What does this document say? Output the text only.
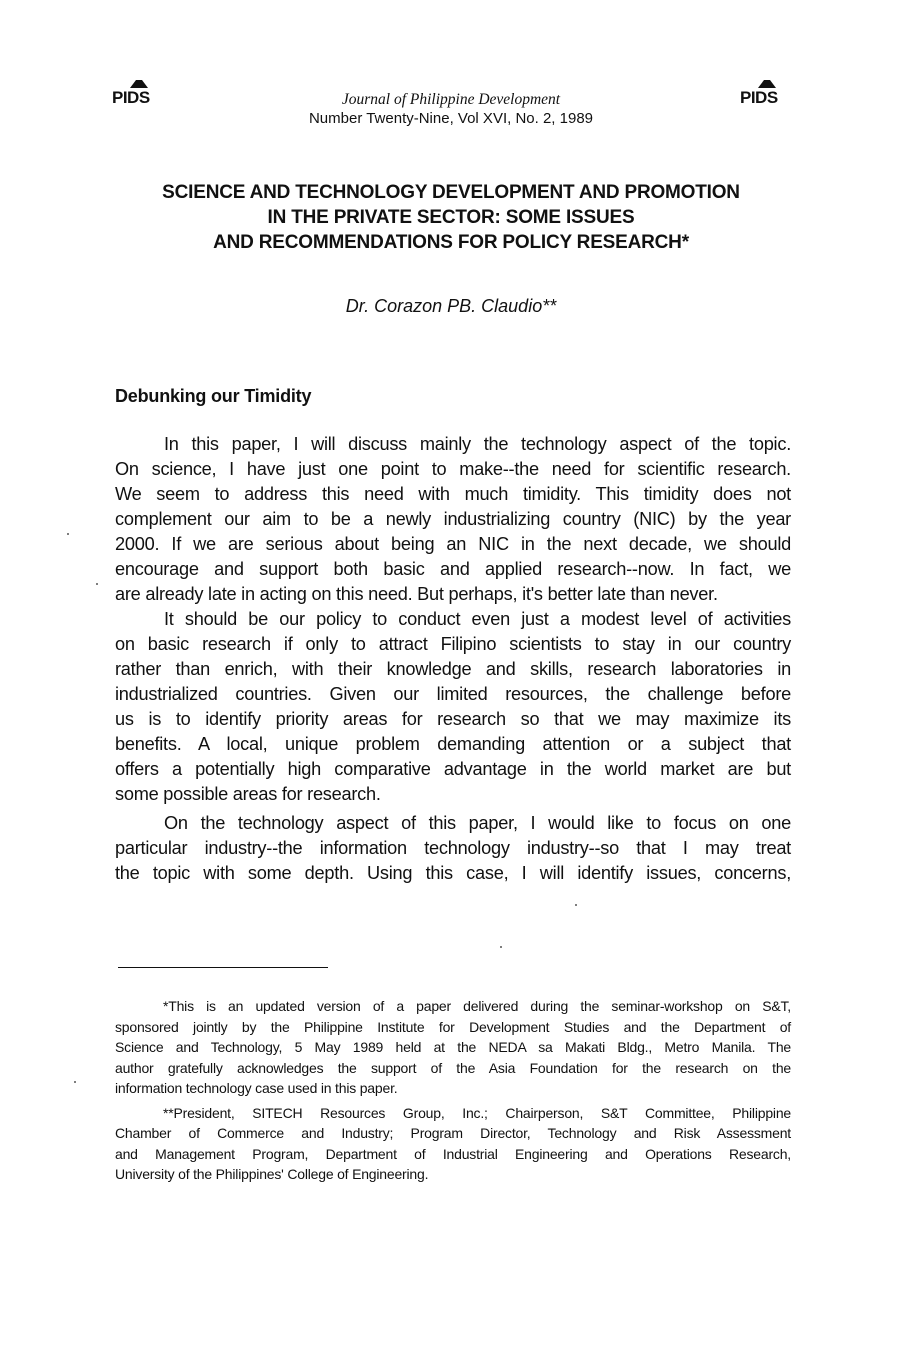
PIDS	PIDS
Journal of Philippine Development
Number Twenty-Nine, Vol XVI, No. 2, 1989
SCIENCE AND TECHNOLOGY DEVELOPMENT AND PROMOTION
IN THE PRIVATE SECTOR: SOME ISSUES
AND RECOMMENDATIONS FOR POLICY RESEARCH*
Dr. Corazon PB. Claudio**
Debunking our Timidity
In this paper, I will discuss mainly the technology aspect of the topic.
On science, I have just one point to make--the need for scientific research.
We seem to address this need with much timidity. This timidity does not
complement our aim to be a newly industrializing country (NIC) by the year
2000. If we are serious about being an NIC in the next decade, we should
encourage and support both basic and applied research--now. In fact, we
are already late in acting on this need. But perhaps, it's better late than never.
It should be our policy to conduct even just a modest level of activities
on basic research if only to attract Filipino scientists to stay in our country
rather than enrich, with their knowledge and skills, research laboratories in
industrialized countries. Given our limited resources, the challenge before
us is to identify priority areas for research so that we may maximize its
benefits. A local, unique problem demanding attention or a subject that
offers a potentially high comparative advantage in the world market are but
some possible areas for research.
On the technology aspect of this paper, I would like to focus on one
particular industry--the information technology industry--so that I may treat
the topic with some depth. Using this case, I will identify issues, concerns,
*This is an updated version of a paper delivered during the seminar-workshop on S&T,
sponsored jointly by the Philippine Institute for Development Studies and the Department of
Science and Technology, 5 May 1989 held at the NEDA sa Makati Bldg., Metro Manila. The
author gratefully acknowledges the support of the Asia Foundation for the research on the
information technology case used in this paper.
**President, SITECH Resources Group, Inc.; Chairperson, S&T Committee, Philippine
Chamber of Commerce and Industry; Program Director, Technology and Risk Assessment
and Management Program, Department of Industrial Engineering and Operations Research,
University of the Philippines' College of Engineering.
